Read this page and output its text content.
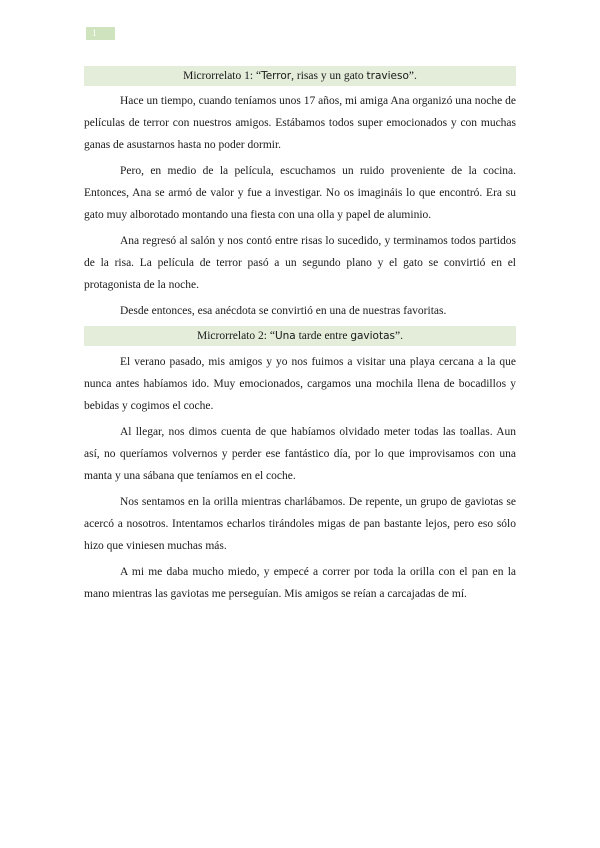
1
Microrrelato 1: “Terror, risas y un gato travieso”.

Hace un tiempo, cuando teníamos unos 17 años, mi amiga Ana organizó una noche de películas de terror con nuestros amigos. Estábamos todos super emocionados y con muchas ganas de asustarnos hasta no poder dormir.

Pero, en medio de la película, escuchamos un ruido proveniente de la cocina. Entonces, Ana se armó de valor y fue a investigar. No os imagináis lo que encontró. Era su gato muy alborotado montando una fiesta con una olla y papel de aluminio.

Ana regresó al salón y nos contó entre risas lo sucedido, y terminamos todos partidos de la risa. La película de terror pasó a un segundo plano y el gato se convirtió en el protagonista de la noche.

Desde entonces, esa anécdota se convirtió en una de nuestras favoritas.

Microrrelato 2: “Una tarde entre gaviotas”.

El verano pasado, mis amigos y yo nos fuimos a visitar una playa cercana a la que nunca antes habíamos ido. Muy emocionados, cargamos una mochila llena de bocadillos y bebidas y cogimos el coche.

Al llegar, nos dimos cuenta de que habíamos olvidado meter todas las toallas. Aun así, no queríamos volvernos y perder ese fantástico día, por lo que improvisamos con una manta y una sábana que teníamos en el coche.

Nos sentamos en la orilla mientras charlábamos. De repente, un grupo de gaviotas se acercó a nosotros. Intentamos echarlos tirándoles migas de pan bastante lejos, pero eso sólo hizo que viniesen muchas más.

A mi me daba mucho miedo, y empecé a correr por toda la orilla con el pan en la mano mientras las gaviotas me perseguían. Mis amigos se reían a carcajadas de mí.
